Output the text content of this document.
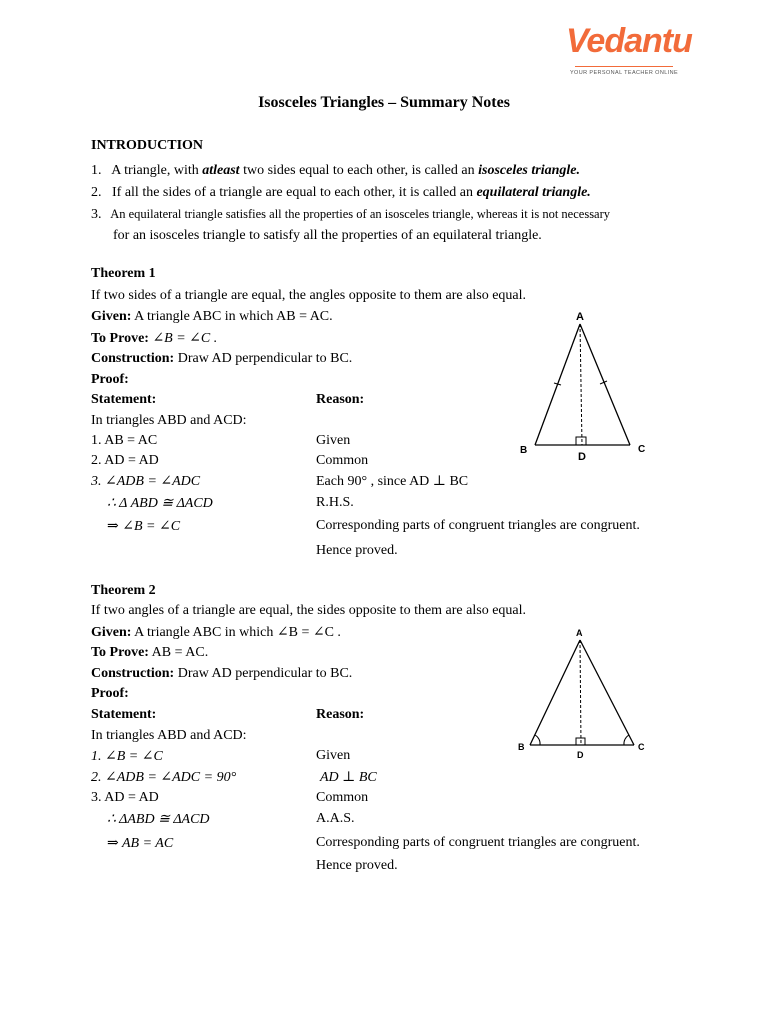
Vedantu
YOUR PERSONAL TEACHER ONLINE
Isosceles Triangles – Summary Notes
INTRODUCTION
1. A triangle, with atleast two sides equal to each other, is called an isosceles triangle.
2. If all the sides of a triangle are equal to each other, it is called an equilateral triangle.
3. An equilateral triangle satisfies all the properties of an isosceles triangle, whereas it is not necessary
for an isosceles triangle to satisfy all the properties of an equilateral triangle.
Theorem 1
If two sides of a triangle are equal, the angles opposite to them are also equal.
Given: A triangle ABC in which AB = AC.
To Prove: ∠B = ∠C .
Construction: Draw AD perpendicular to BC.
Proof:
Statement:	Reason:
In triangles ABD and ACD:
1. AB = AC	Given
2. AD = AD	Common
3. ∠ADB = ∠ADC	Each 90° , since AD ⊥ BC
∴ Δ ABD ≅ ΔACD	R.H.S.
⇒ ∠B = ∠C	Corresponding parts of congruent triangles are congruent.
Hence proved.
A
B	C
D
Theorem 2
If two angles of a triangle are equal, the sides opposite to them are also equal.
Given: A triangle ABC in which ∠B = ∠C .
To Prove: AB = AC.
Construction: Draw AD perpendicular to BC.
Proof:
Statement:	Reason:
In triangles ABD and ACD:
1. ∠B = ∠C	Given
2. ∠ADB = ∠ADC = 90°	AD ⊥ BC
3. AD = AD	Common
∴ ΔABD ≅ ΔACD	A.A.S.
⇒ AB = AC	Corresponding parts of congruent triangles are congruent.
Hence proved.
A
B	C
D
